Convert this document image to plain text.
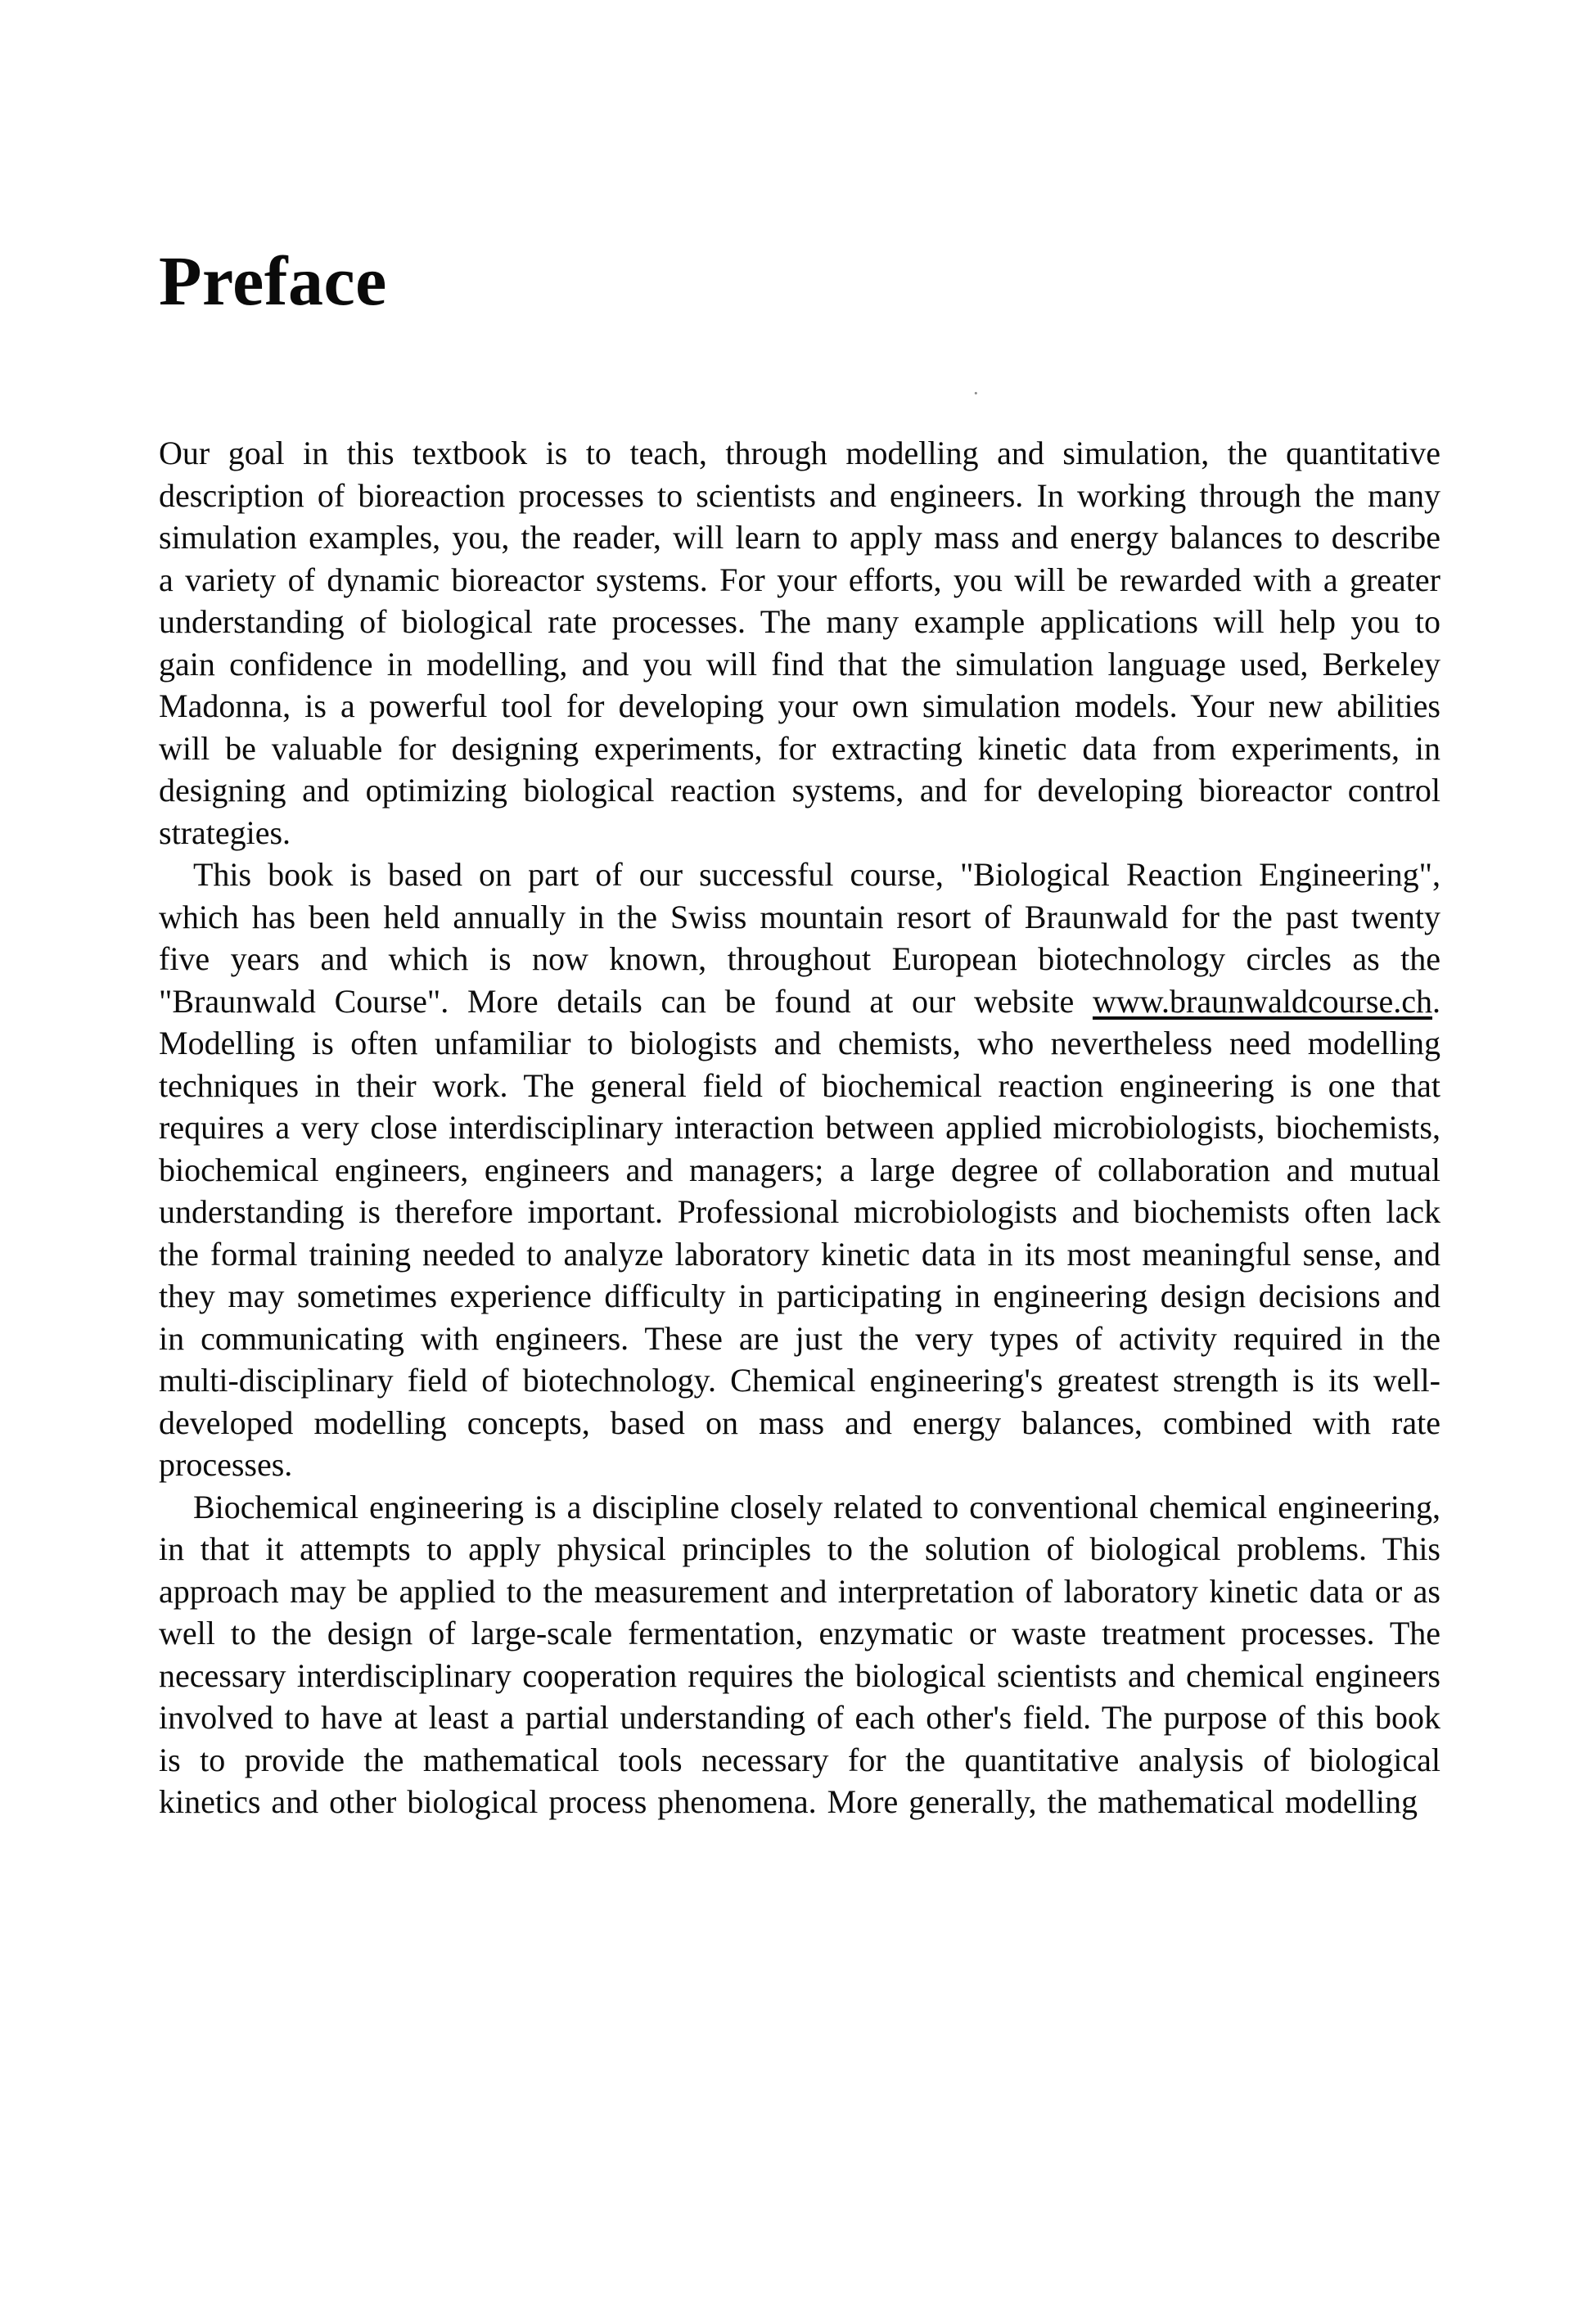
·
Preface

Our goal in this textbook is to teach, through modelling and simulation, the quantitative description of bioreaction processes to scientists and engineers. In working through the many simulation examples, you, the reader, will learn to apply mass and energy balances to describe a variety of dynamic bioreactor systems. For your efforts, you will be rewarded with a greater understanding of biological rate processes. The many example applications will help you to gain confidence in modelling, and you will find that the simulation language used, Berkeley Madonna, is a powerful tool for developing your own simulation models. Your new abilities will be valuable for designing experiments, for extracting kinetic data from experiments, in designing and optimizing biological reaction systems, and for developing bioreactor control strategies.

This book is based on part of our successful course, "Biological Reaction Engineering", which has been held annually in the Swiss mountain resort of Braunwald for the past twenty five years and which is now known, throughout European biotechnology circles as the "Braunwald Course". More details can be found at our website www.braunwaldcourse.ch. Modelling is often unfamiliar to biologists and chemists, who nevertheless need modelling techniques in their work. The general field of biochemical reaction engineering is one that requires a very close interdisciplinary interaction between applied microbiologists, biochemists, biochemical engineers, engineers and managers; a large degree of collaboration and mutual understanding is therefore important. Professional microbiologists and biochemists often lack the formal training needed to analyze laboratory kinetic data in its most meaningful sense, and they may sometimes experience difficulty in participating in engineering design decisions and in communicating with engineers. These are just the very types of activity required in the multi-disciplinary field of biotechnology. Chemical engineering's greatest strength is its well-developed modelling concepts, based on mass and energy balances, combined with rate processes.

Biochemical engineering is a discipline closely related to conventional chemical engineering, in that it attempts to apply physical principles to the solution of biological problems. This approach may be applied to the measurement and interpretation of laboratory kinetic data or as well to the design of large-scale fermentation, enzymatic or waste treatment processes. The necessary interdisciplinary cooperation requires the biological scientists and chemical engineers involved to have at least a partial understanding of each other's field. The purpose of this book is to provide the mathematical tools necessary for the quantitative analysis of biological kinetics and other biological process phenomena. More generally, the mathematical modelling
